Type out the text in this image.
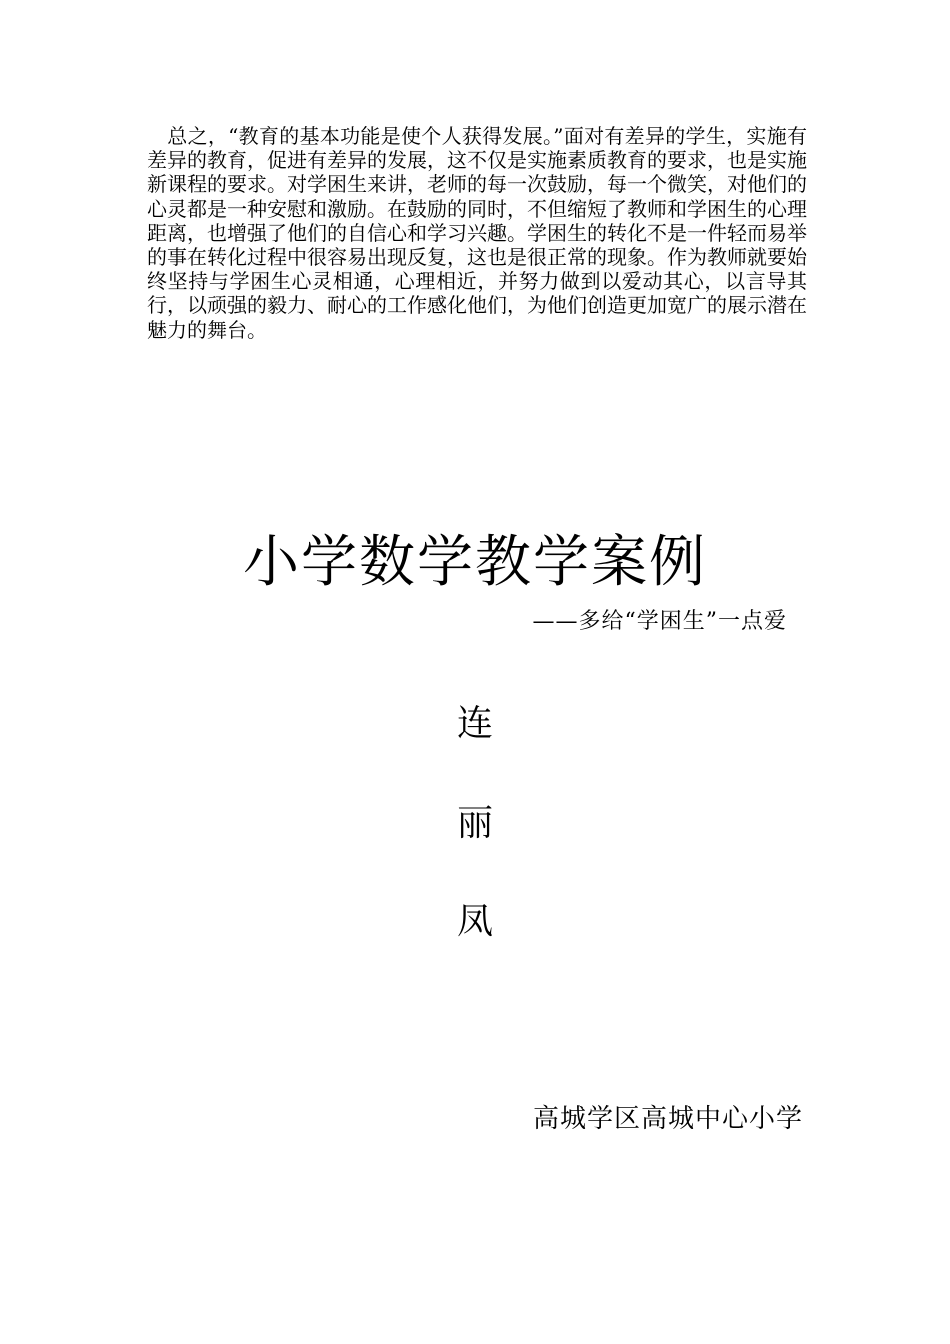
总之，“教育的基本功能是使个人获得发展。”面对有差异的学生，实施有差异的教育，促进有差异的发展，这不仅是实施素质教育的要求，也是实施新课程的要求。对学困生来讲，老师的每一次鼓励，每一个微笑，对他们的心灵都是一种安慰和激励。在鼓励的同时，不但缩短了教师和学困生的心理距离，也增强了他们的自信心和学习兴趣。学困生的转化不是一件轻而易举的事在转化过程中很容易出现反复，这也是很正常的现象。作为教师就要始终坚持与学困生心灵相通，心理相近，并努力做到以爱动其心，以言导其行，以顽强的毅力、耐心的工作感化他们，为他们创造更加宽广的展示潜在魅力的舞台。

小学数学教学案例

——多给“学困生”一点爱

连

丽

凤

高城学区高城中心小学
